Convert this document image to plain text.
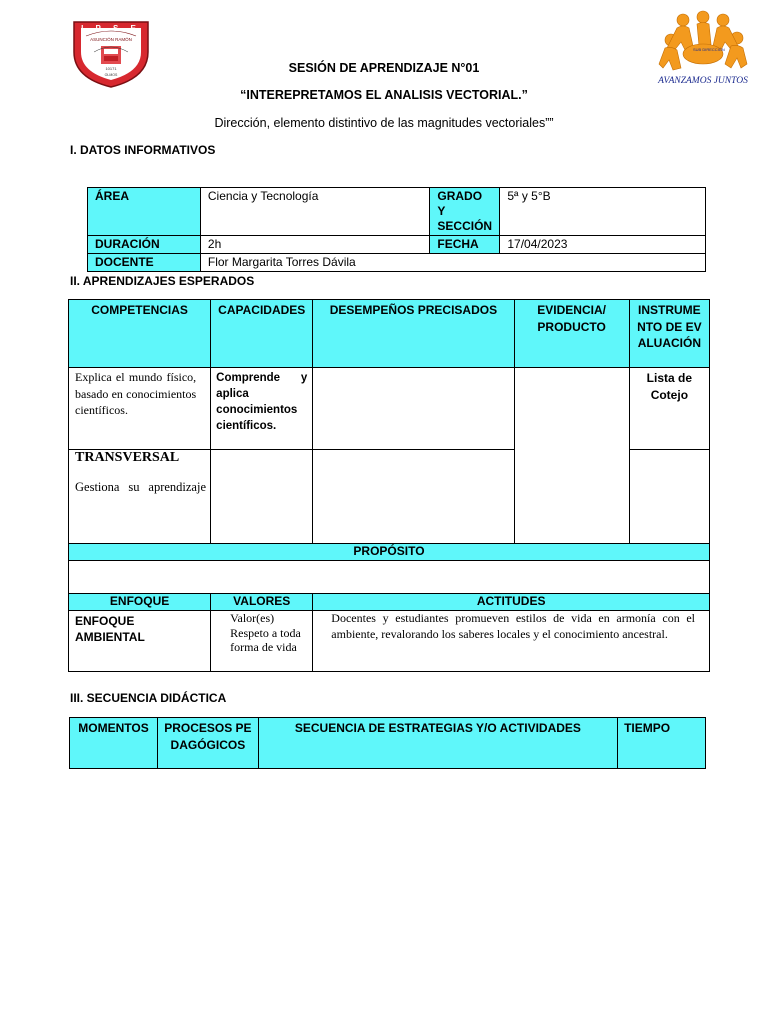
I P S E
ASUNCIÓN RAMÓN
10171
OLMOS
SUB DIRECCIÓN
AVANZAMOS JUNTOS
SESIÓN DE APRENDIZAJE N°01
“INTEREPRETAMOS EL ANALISIS VECTORIAL.”
Dirección, elemento distintivo de las magnitudes vectoriales””
I. DATOS INFORMATIVOS
ÁREA	Ciencia y Tecnología	GRADO Y SECCIÓN	5ª y 5°B
DURACIÓN	2h	FECHA	17/04/2023
DOCENTE	Flor Margarita Torres Dávila		
II. APRENDIZAJES ESPERADOS
COMPETENCIAS	CAPACIDADES	DESEMPEÑOS PRECISADOS	EVIDENCIA/ PRODUCTO	INSTRUMENTO DE EVALUACIÓN
Explica el mundo físico, basado en conocimientos científicos.	Comprende y aplica conocimientos científicos.			Lista de Cotejo

TRANSVERSAL
Gestiona su aprendizaje				

PROPÓSITO				

ENFOQUE	VALORES	ACTITUDES		
ENFOQUE AMBIENTAL	Valor(es) Respeto a toda forma de vida	Docentes y estudiantes promueven estilos de vida en armonía con el ambiente, revalorando los saberes locales y el conocimiento ancestral.		
III. SECUENCIA DIDÁCTICA
MOMENTOS	PROCESOS PEDAGÓGICOS	SECUENCIA DE ESTRATEGIAS Y/O ACTIVIDADES	TIEMPO
